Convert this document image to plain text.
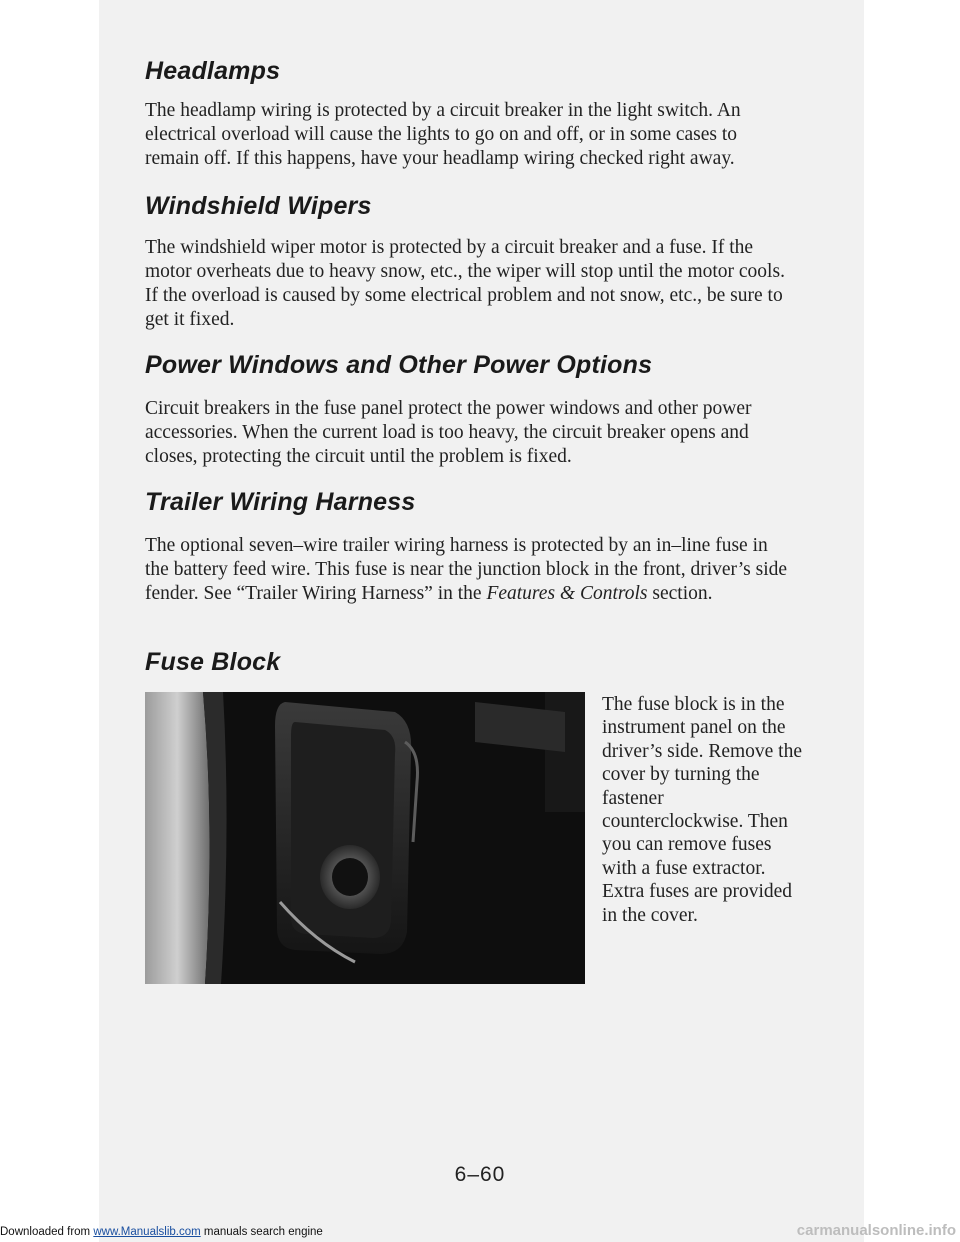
Headlamps

The headlamp wiring is protected by a circuit breaker in the light switch. An electrical overload will cause the lights to go on and off, or in some cases to remain off. If this happens, have your headlamp wiring checked right away.

Windshield Wipers

The windshield wiper motor is protected by a circuit breaker and a fuse. If the motor overheats due to heavy snow, etc., the wiper will stop until the motor cools. If the overload is caused by some electrical problem and not snow, etc., be sure to get it fixed.

Power Windows and Other Power Options

Circuit breakers in the fuse panel protect the power windows and other power accessories. When the current load is too heavy, the circuit breaker opens and closes, protecting the circuit until the problem is fixed.

Trailer Wiring Harness

The optional seven–wire trailer wiring harness is protected by an in–line fuse in the battery feed wire. This fuse is near the junction block in the front, driver’s side fender. See “Trailer Wiring Harness” in the Features & Controls section.

Fuse Block

The fuse block is in the instrument panel on the driver’s side. Remove the cover by turning the fastener counterclockwise. Then you can remove fuses with a fuse extractor. Extra fuses are provided in the cover.

6–60
Downloaded from www.Manualslib.com manuals search engine	carmanualsonline.info
